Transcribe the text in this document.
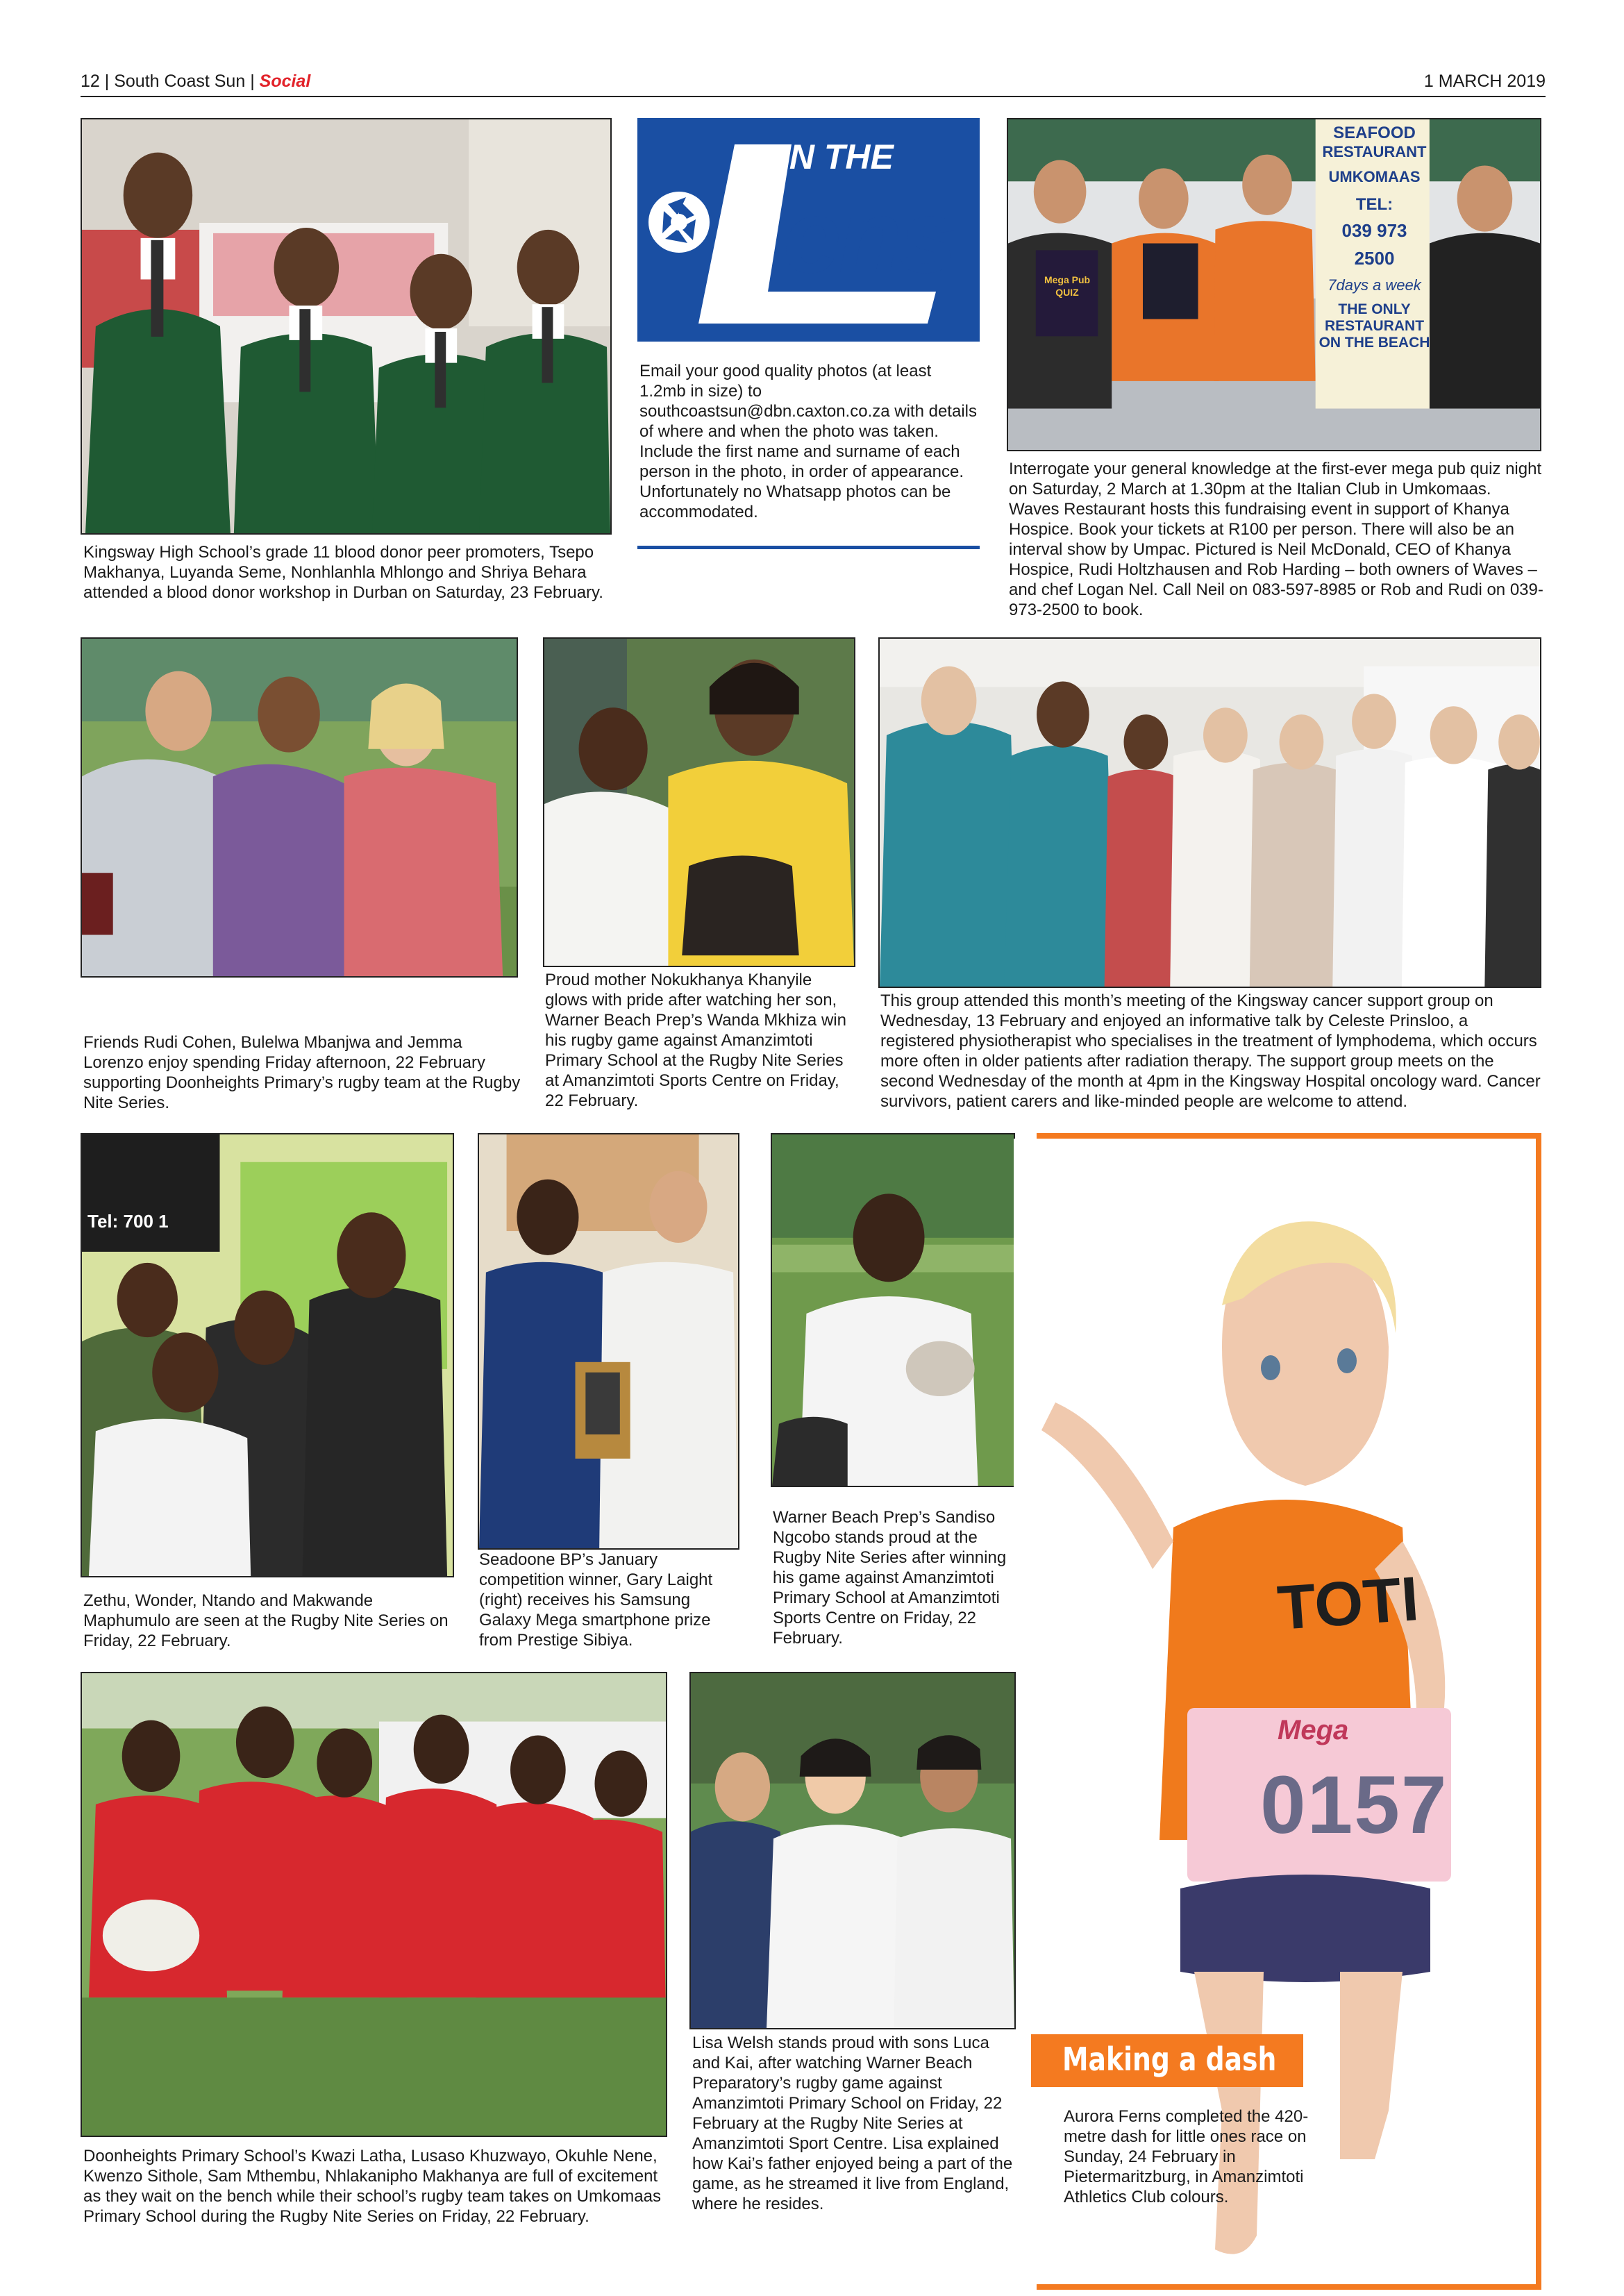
12 | South Coast Sun | Social	1 MARCH 2019
Kingsway High School’s grade 11 blood donor peer promoters, Tsepo Makhanya, Luyanda Seme, Nonhlanhla Mhlongo and Shriya Behara attended a blood donor workshop in Durban on Saturday, 23 February.
IN THE
ens
Email your good quality photos (at least 1.2mb in size) to southcoastsun@dbn.caxton.co.za with details of where and when the photo was taken. Include the first name and surname of each person in the photo, in order of appearance. Unfortunately no Whatsapp photos can be accommodated.
Mega Pub QUIZ
SEAFOOD
RESTAURANT
UMKOMAAS
TEL:
039 973
2500
7days a week
THE ONLY
RESTAURANT
ON THE BEACH
Interrogate your general knowledge at the first-ever mega pub quiz night on Saturday, 2 March at 1.30pm at the Italian Club in Umkomaas. Waves Restaurant hosts this fundraising event in support of Khanya Hospice. Book your tickets at R100 per person. There will also be an interval show by Umpac. Pictured is Neil McDonald, CEO of Khanya Hospice, Rudi Holtzhausen and Rob Harding – both owners of Waves – and chef Logan Nel. Call Neil on 083-597-8985 or Rob and Rudi on 039-973-2500 to book.
Friends Rudi Cohen, Bulelwa Mbanjwa and Jemma Lorenzo enjoy spending Friday afternoon, 22 February supporting Doonheights Primary’s rugby team at the Rugby Nite Series.
Proud mother Nokukhanya Khanyile glows with pride after watching her son, Warner Beach Prep’s Wanda Mkhiza win his rugby game against Amanzimtoti Primary School at the Rugby Nite Series at Amanzimtoti Sports Centre on Friday, 22 February.
This group attended this month’s meeting of the Kingsway cancer support group on Wednesday, 13 February and enjoyed an informative talk by Celeste Prinsloo, a registered physiotherapist who specialises in the treatment of lymphodema, which occurs more often in older patients after radiation therapy. The support group meets on the second Wednesday of the month at 4pm in the Kingsway Hospital oncology ward. Cancer survivors, patient carers and like-minded people are welcome to attend.
Tel: 700 1
Zethu, Wonder, Ntando and Makwande Maphumulo are seen at the Rugby Nite Series on Friday, 22 February.
Seadoone BP’s January competition winner, Gary Laight (right) receives his Samsung Galaxy Mega smartphone prize from Prestige Sibiya.
Warner Beach Prep’s Sandiso Ngcobo stands proud at the Rugby Nite Series after winning his game against Amanzimtoti Primary School at Amanzimtoti Sports Centre on Friday, 22 February.	TOTI
Mega
0157
Making a dash
Aurora Ferns completed the 420-metre dash for little ones race on Sunday, 24 February in Pietermaritzburg, in Amanzimtoti Athletics Club colours.
Doonheights Primary School’s Kwazi Latha, Lusaso Khuzwayo, Okuhle Nene, Kwenzo Sithole, Sam Mthembu, Nhlakanipho Makhanya are full of excitement as they wait on the bench while their school’s rugby team takes on Umkomaas Primary School during the Rugby Nite Series on Friday, 22 February.
Lisa Welsh stands proud with sons Luca and Kai, after watching Warner Beach Preparatory’s rugby game against Amanzimtoti Primary School on Friday, 22 February at the Rugby Nite Series at Amanzimtoti Sport Centre. Lisa explained how Kai’s father enjoyed being a part of the game, as he streamed it live from England, where he resides.
